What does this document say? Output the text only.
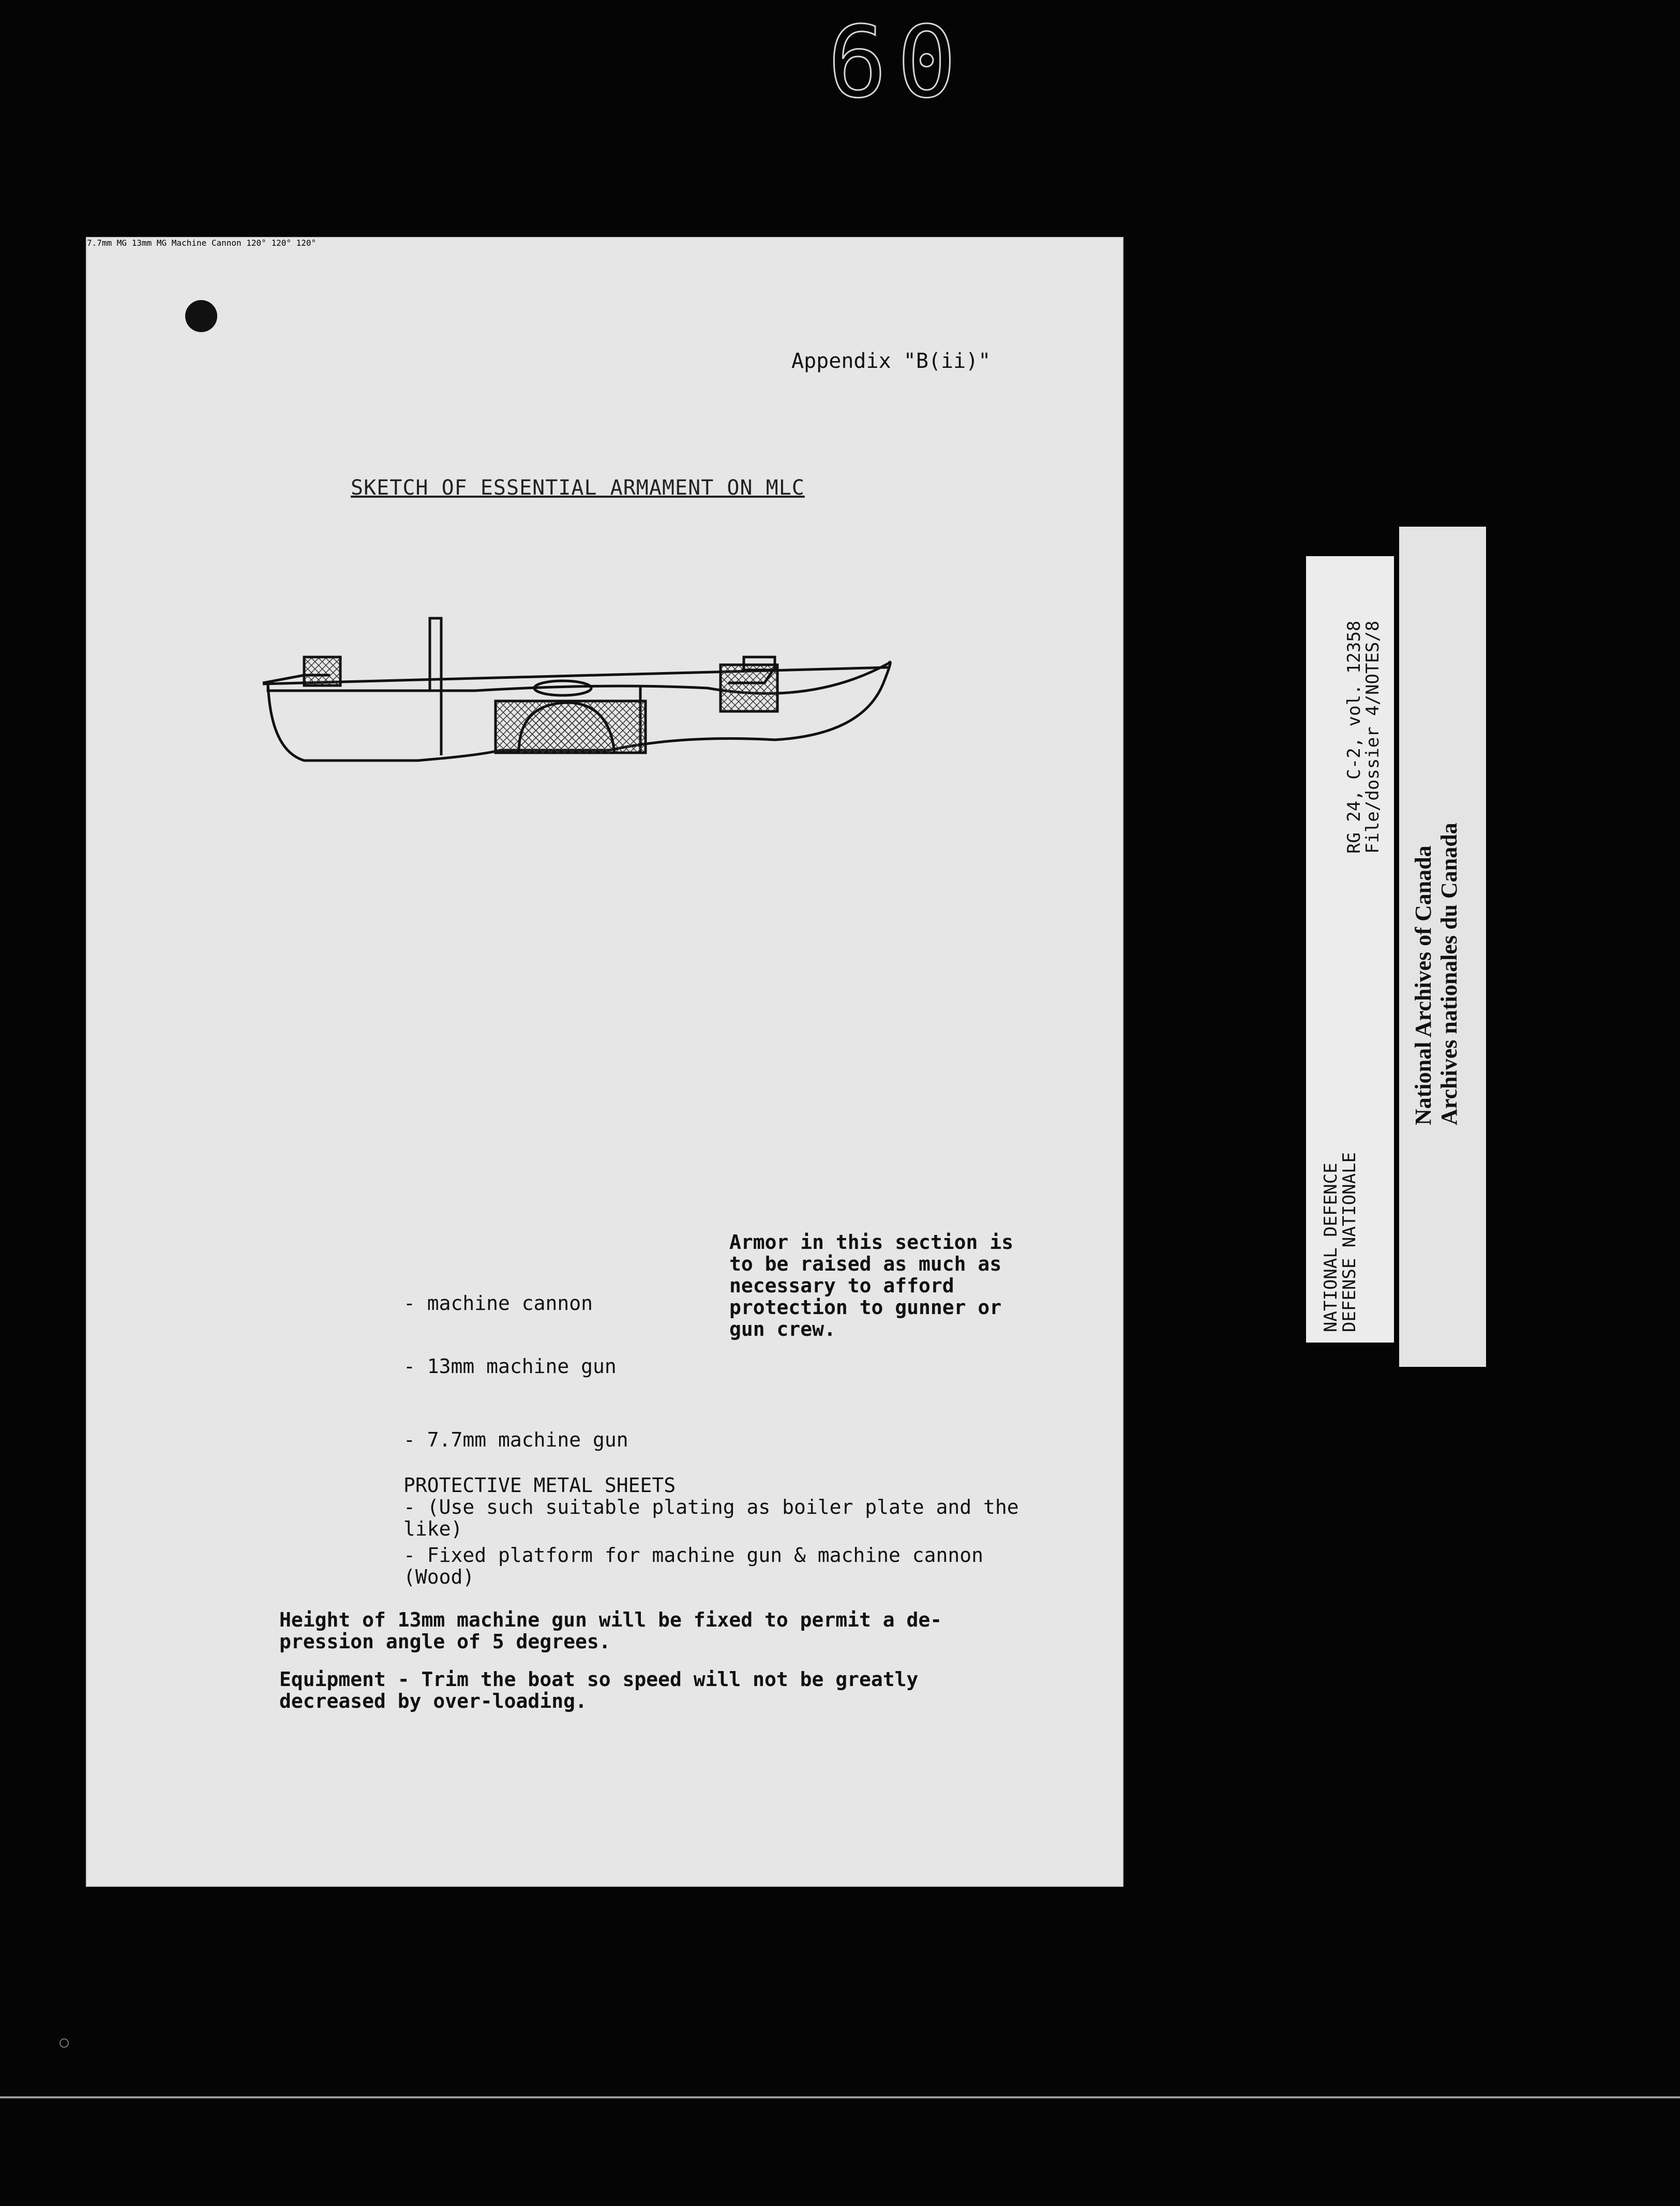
60
Appendix "B(ii)"
SKETCH OF ESSENTIAL ARMAMENT ON MLC
7.7mm MG 13mm MG Machine Cannon 120° 120° 120°
Armor in this section is
to be raised as much as
necessary to afford
protection to gunner or
gun crew.
- machine cannon
- 13mm machine gun
- 7.7mm machine gun
PROTECTIVE METAL SHEETS
- (Use such suitable plating as boiler plate and the
like)
- Fixed platform for machine gun & machine cannon
(Wood)
Height of 13mm machine gun will be fixed to permit a de-
pression angle of 5 degrees.
Equipment - Trim the boat so speed will not be greatly
decreased by over-loading.
NATIONAL DEFENCE
DEFENSE NATIONALE
RG 24, C-2, vol. 12358
File/dossier 4/NOTES/8
National Archives of Canada Archives nationales du Canada
